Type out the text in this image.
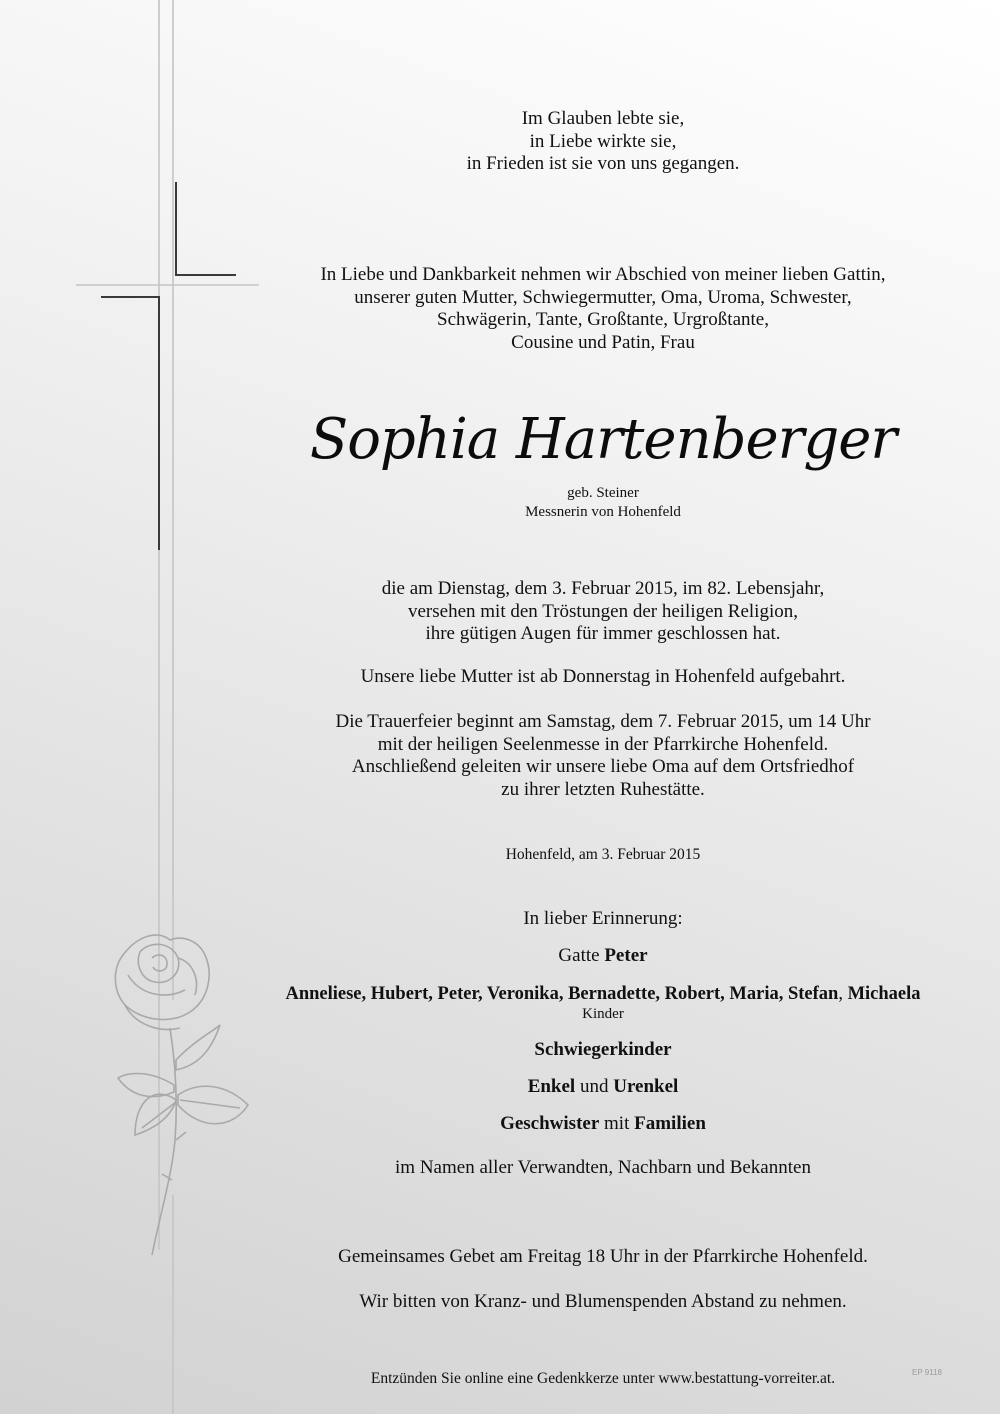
Im Glauben lebte sie,
in Liebe wirkte sie,
in Frieden ist sie von uns gegangen.
In Liebe und Dankbarkeit nehmen wir Abschied von meiner lieben Gattin,
unserer guten Mutter, Schwiegermutter, Oma, Uroma, Schwester,
Schwägerin, Tante, Großtante, Urgroßtante,
Cousine und Patin, Frau
Sophia Hartenberger
geb. Steiner
Messnerin von Hohenfeld
die am Dienstag, dem 3. Februar 2015, im 82. Lebensjahr,
versehen mit den Tröstungen der heiligen Religion,
ihre gütigen Augen für immer geschlossen hat.
Unsere liebe Mutter ist ab Donnerstag in Hohenfeld aufgebahrt.
Die Trauerfeier beginnt am Samstag, dem 7. Februar 2015, um 14 Uhr
mit der heiligen Seelenmesse in der Pfarrkirche Hohenfeld.
Anschließend geleiten wir unsere liebe Oma auf dem Ortsfriedhof
zu ihrer letzten Ruhestätte.
Hohenfeld, am 3. Februar 2015
In lieber Erinnerung:
Gatte Peter
Anneliese, Hubert, Peter, Veronika, Bernadette, Robert, Maria, Stefan, Michaela
Kinder
Schwiegerkinder
Enkel und Urenkel
Geschwister mit Familien
im Namen aller Verwandten, Nachbarn und Bekannten
Gemeinsames Gebet am Freitag 18 Uhr in der Pfarrkirche Hohenfeld.
Wir bitten von Kranz- und Blumenspenden Abstand zu nehmen.
Entzünden Sie online eine Gedenkkerze unter www.bestattung-vorreiter.at.	EP 9118
